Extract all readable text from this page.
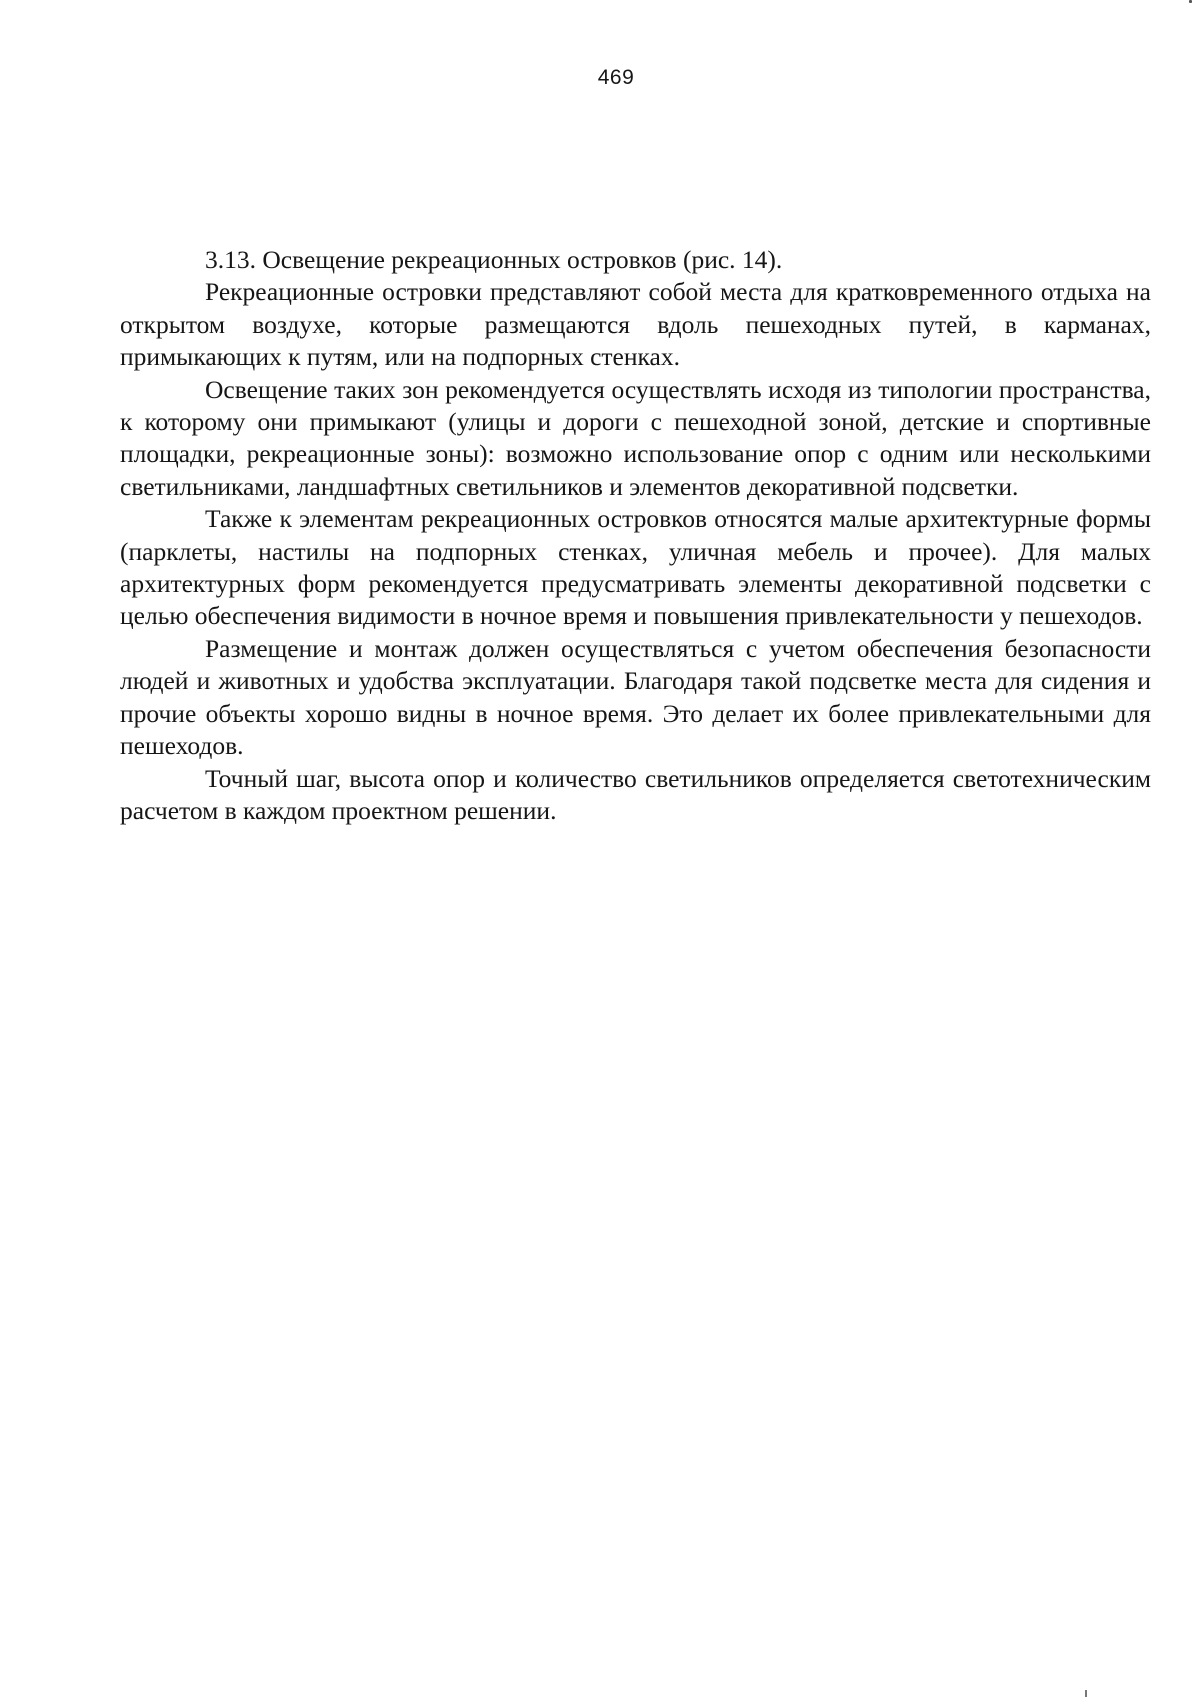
469

3.13. Освещение рекреационных островков (рис. 14).

Рекреационные островки представляют собой места для кратковременного отдыха на открытом воздухе, которые размещаются вдоль пешеходных путей, в карманах, примыкающих к путям, или на подпорных стенках.

Освещение таких зон рекомендуется осуществлять исходя из типологии пространства, к которому они примыкают (улицы и дороги с пешеходной зоной, детские и спортивные площадки, рекреационные зоны): возможно использование опор с одним или несколькими светильниками, ландшафтных светильников и элементов декоративной подсветки.

Также к элементам рекреационных островков относятся малые архитектурные формы (парклеты, настилы на подпорных стенках, уличная мебель и прочее). Для малых архитектурных форм рекомендуется предусматривать элементы декоративной подсветки с целью обеспечения видимости в ночное время и повышения привлекательности у пешеходов.

Размещение и монтаж должен осуществляться с учетом обеспечения безопасности людей и животных и удобства эксплуатации. Благодаря такой подсветке места для сидения и прочие объекты хорошо видны в ночное время. Это делает их более привлекательными для пешеходов.

Точный шаг, высота опор и количество светильников определяется светотехническим расчетом в каждом проектном решении.
